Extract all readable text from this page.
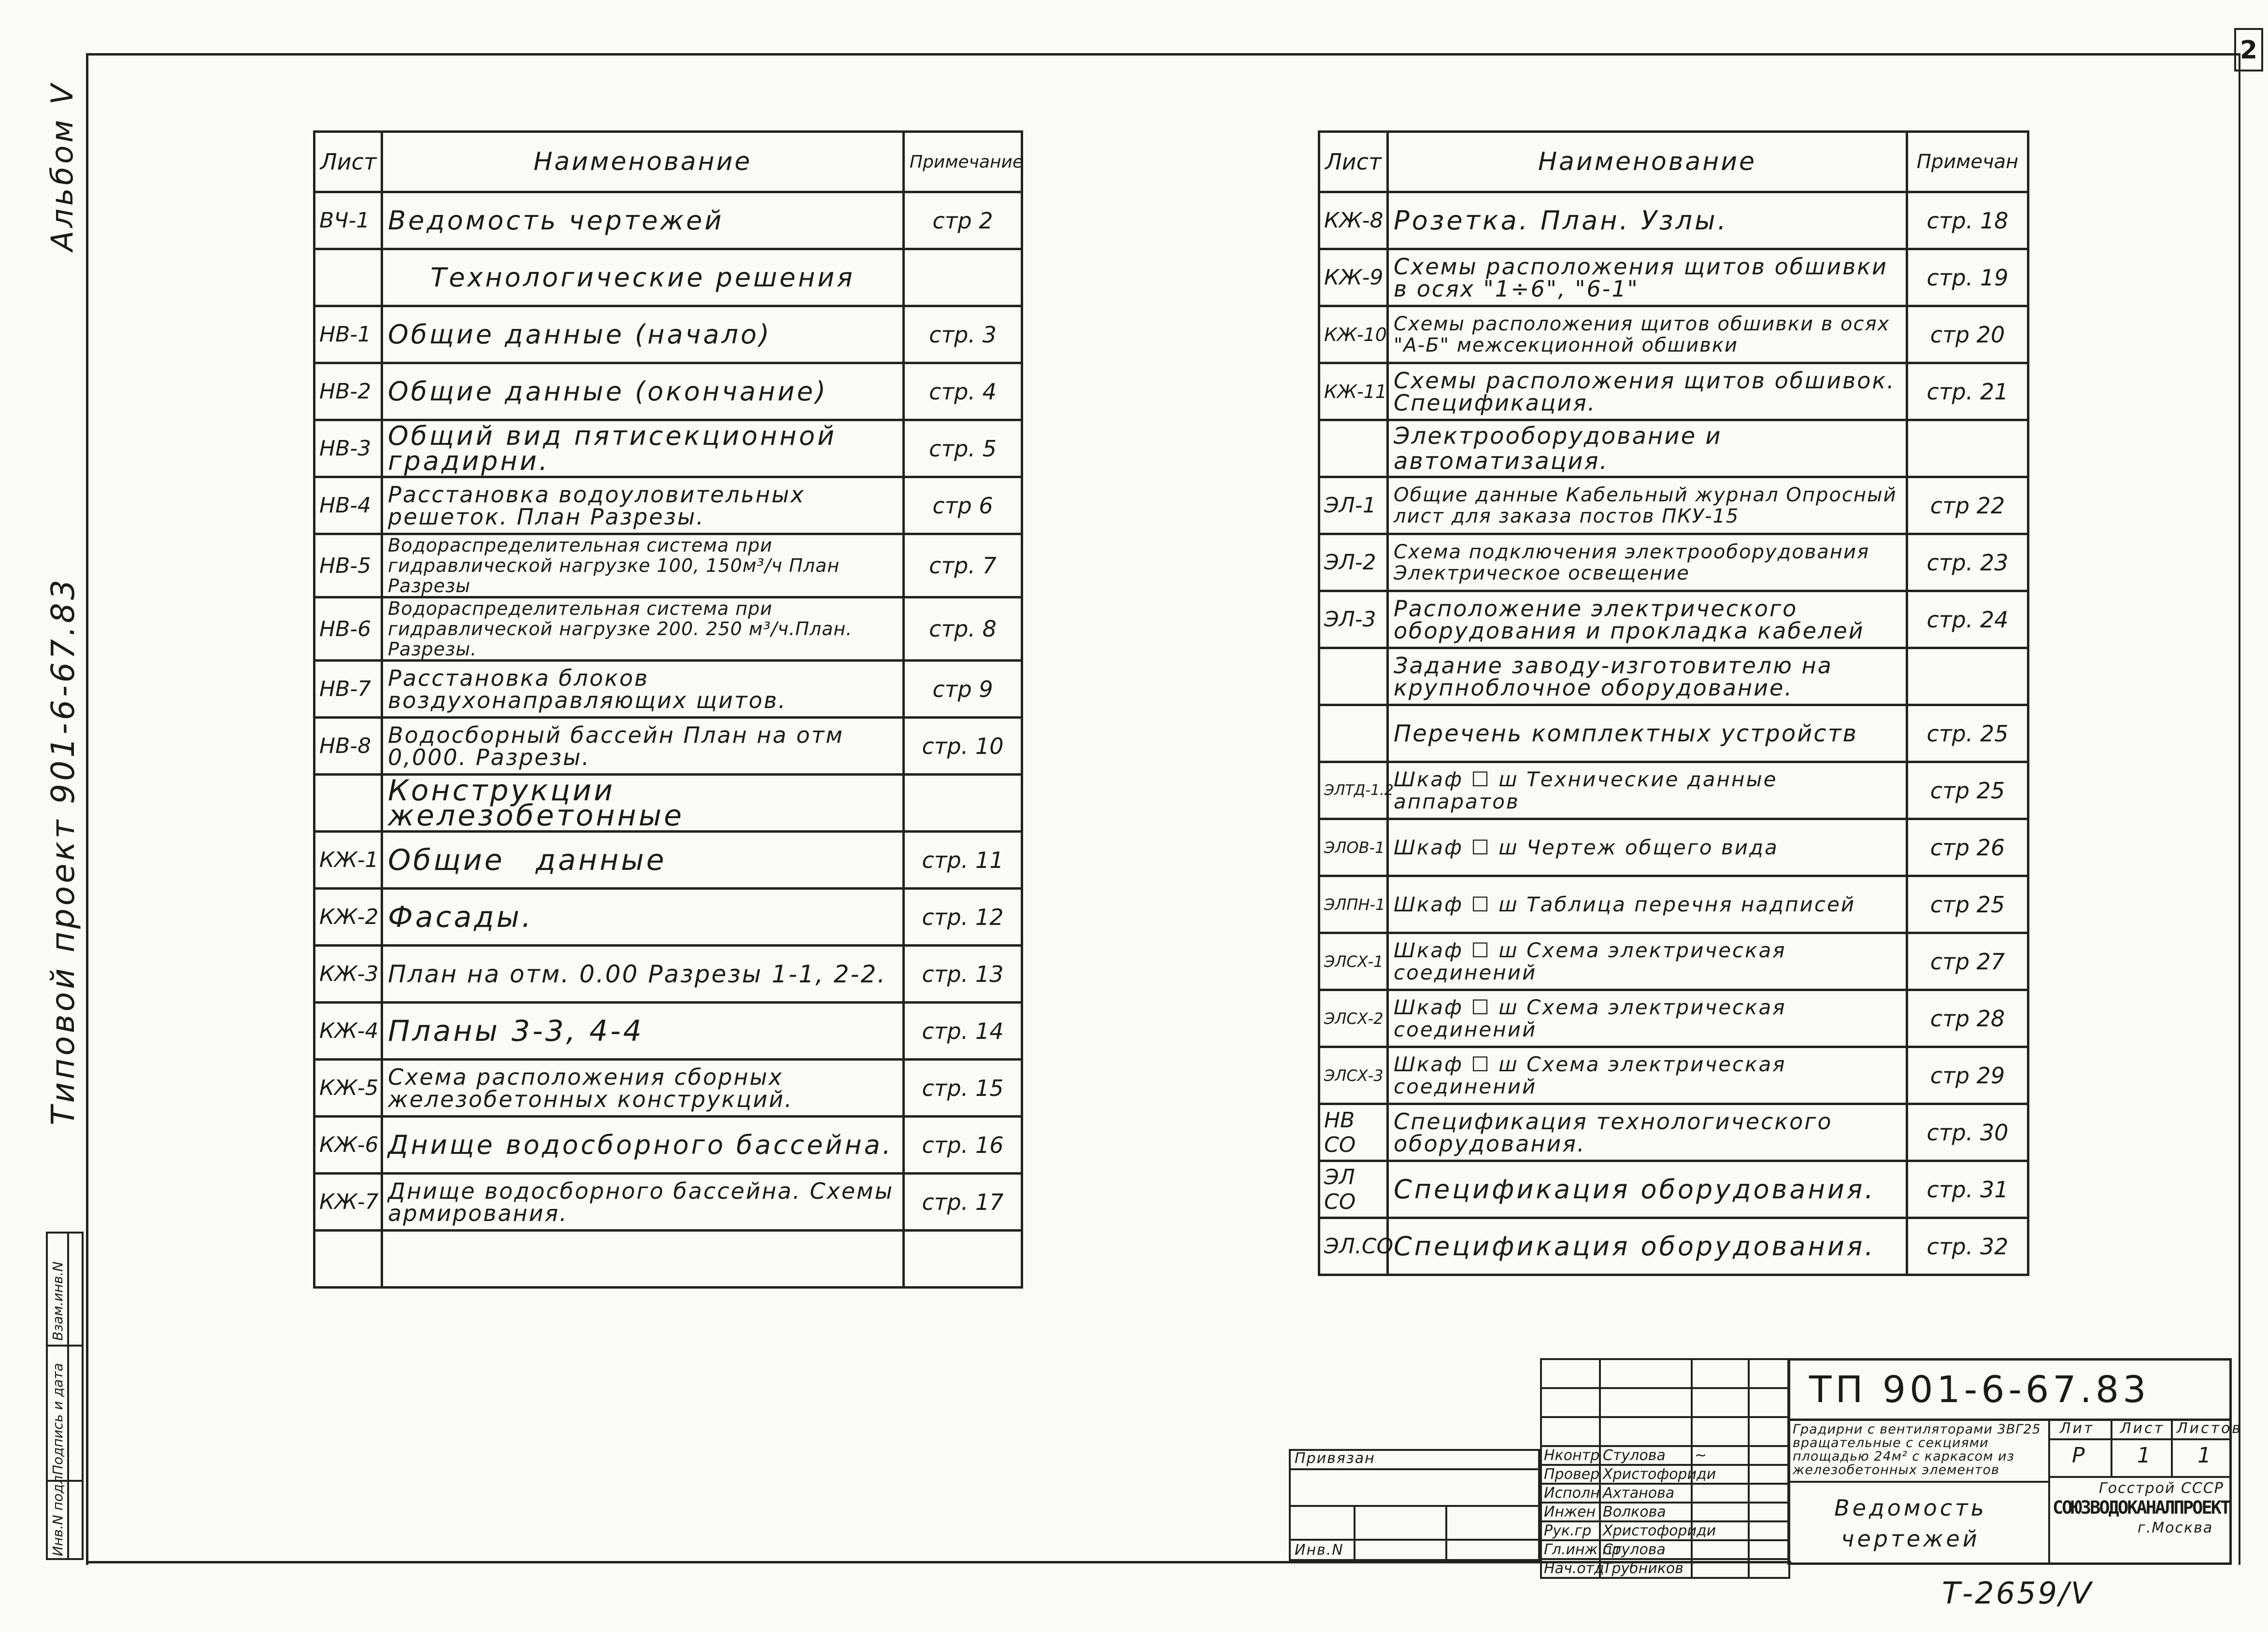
2
Альбом V
Типовой проект 901-6-67.83
Инв.N подл.
Подпись и дата
Взам.инв.N
Лист	Наименование	Примечание
ВЧ-1	Ведомость чертежей	стр 2
	Технологические решения	
НВ-1	Общие данные (начало)	стр. 3
НВ-2	Общие данные (окончание)	стр. 4
НВ-3	Общий вид пятисекционной градирни.	стр. 5
НВ-4	Расстановка водоуловительных решеток. План Разрезы.	стр 6
НВ-5	Водораспределительная система при гидравлической нагрузке 100, 150м³/ч План Разрезы	стр. 7
НВ-6	Водораспределительная система при гидравлической нагрузке 200. 250 м³/ч.План. Разрезы.	стр. 8
НВ-7	Расстановка блоков воздухонаправляющих щитов.	стр 9
НВ-8	Водосборный бассейн План на отм 0,000. Разрезы.	стр. 10
	Конструкции железобетонные	
КЖ-1	Общие данные	стр. 11
КЖ-2	Фасады.	стр. 12
КЖ-3	План на отм. 0.00 Разрезы 1-1, 2-2.	стр. 13
КЖ-4	Планы 3-3, 4-4	стр. 14
КЖ-5	Схема расположения сборных железобетонных конструкций.	стр. 15
КЖ-6	Днище водосборного бассейна.	стр. 16
КЖ-7	Днище водосборного бассейна. Схемы армирования.	стр. 17

Лист	Наименование	Примечан
КЖ-8	Розетка. План. Узлы.	стр. 18
КЖ-9	Схемы расположения щитов обшивки в осях "1÷6", "6-1"	стр. 19
КЖ-10	Схемы расположения щитов обшивки в осях "А-Б" межсекционной обшивки	стр 20
КЖ-11	Схемы расположения щитов обшивок. Спецификация.	стр. 21
	Электрооборудование и автоматизация.	
ЭЛ-1	Общие данные Кабельный журнал Опросный лист для заказа постов ПКУ-15	стр 22
ЭЛ-2	Схема подключения электрооборудования Электрическое освещение	стр. 23
ЭЛ-3	Расположение электрического оборудования и прокладка кабелей	стр. 24
	Задание заводу-изготовителю на крупноблочное оборудование.	
	Перечень комплектных устройств	стр. 25
ЭЛТД-1.2	Шкаф ☐ ш Технические данные аппаратов	стр 25
ЭЛОВ-1	Шкаф ☐ ш Чертеж общего вида	стр 26
ЭЛПН-1	Шкаф ☐ ш Таблица перечня надписей	стр 25
ЭЛСХ-1	Шкаф ☐ ш Схема электрическая соединений	стр 27
ЭЛСХ-2	Шкаф ☐ ш Схема электрическая соединений	стр 28
ЭЛСХ-3	Шкаф ☐ ш Схема электрическая соединений	стр 29
НВ СО	Спецификация технологического оборудования.	стр. 30
ЭЛ СО	Спецификация оборудования.	стр. 31
ЭЛ.СО	Спецификация оборудования.	стр. 32
ТП 901-6-67.83
Привязан
Инв.N

Нконтр	Стулова	~	
Провер	Христофориди		
Исполн	Ахтанова		
Инжен	Волкова		
Рук.гр	Христофориди		
Гл.инж.пр	Стулова		
Нач.отд	Трубников		
Градирни с вентиляторами 3ВГ25 вращательные с секциями площадью 24м² с каркасом из железобетонных элементов
Ведомость чертежей
Лит Лист Листов
Р 1 1
Госстрой СССР
СОЮЗВОДОКАНАЛПРОЕКТ
г.Москва
Т-2659/V
